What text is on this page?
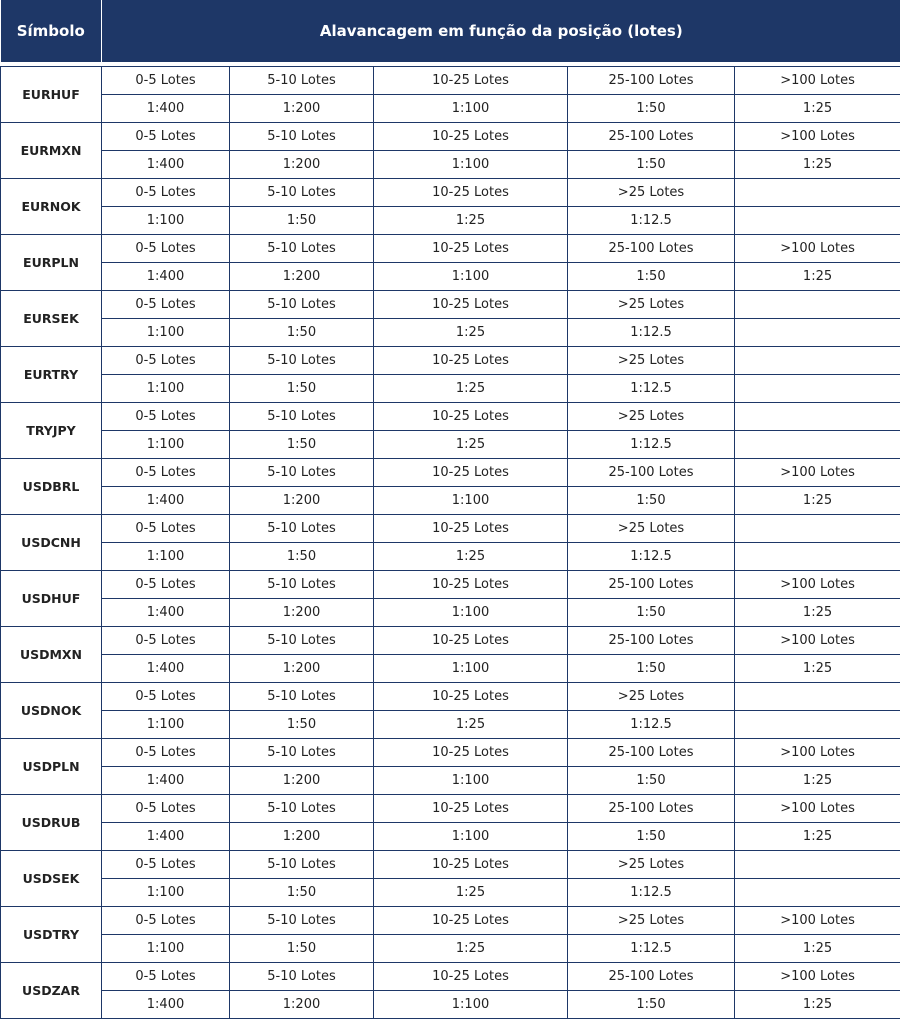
Símbolo	Alavancagem em função da posição (lotes)				

EURHUF	0-5 Lotes	5-10 Lotes	10-25 Lotes	25-100 Lotes	>100 Lotes
	1:400	1:200	1:100	1:50	1:25
EURMXN	0-5 Lotes	5-10 Lotes	10-25 Lotes	25-100 Lotes	>100 Lotes
	1:400	1:200	1:100	1:50	1:25
EURNOK	0-5 Lotes	5-10 Lotes	10-25 Lotes	>25 Lotes	
	1:100	1:50	1:25	1:12.5	
EURPLN	0-5 Lotes	5-10 Lotes	10-25 Lotes	25-100 Lotes	>100 Lotes
	1:400	1:200	1:100	1:50	1:25
EURSEK	0-5 Lotes	5-10 Lotes	10-25 Lotes	>25 Lotes	
	1:100	1:50	1:25	1:12.5	
EURTRY	0-5 Lotes	5-10 Lotes	10-25 Lotes	>25 Lotes	
	1:100	1:50	1:25	1:12.5	
TRYJPY	0-5 Lotes	5-10 Lotes	10-25 Lotes	>25 Lotes	
	1:100	1:50	1:25	1:12.5	
USDBRL	0-5 Lotes	5-10 Lotes	10-25 Lotes	25-100 Lotes	>100 Lotes
	1:400	1:200	1:100	1:50	1:25
USDCNH	0-5 Lotes	5-10 Lotes	10-25 Lotes	>25 Lotes	
	1:100	1:50	1:25	1:12.5	
USDHUF	0-5 Lotes	5-10 Lotes	10-25 Lotes	25-100 Lotes	>100 Lotes
	1:400	1:200	1:100	1:50	1:25
USDMXN	0-5 Lotes	5-10 Lotes	10-25 Lotes	25-100 Lotes	>100 Lotes
	1:400	1:200	1:100	1:50	1:25
USDNOK	0-5 Lotes	5-10 Lotes	10-25 Lotes	>25 Lotes	
	1:100	1:50	1:25	1:12.5	
USDPLN	0-5 Lotes	5-10 Lotes	10-25 Lotes	25-100 Lotes	>100 Lotes
	1:400	1:200	1:100	1:50	1:25
USDRUB	0-5 Lotes	5-10 Lotes	10-25 Lotes	25-100 Lotes	>100 Lotes
	1:400	1:200	1:100	1:50	1:25
USDSEK	0-5 Lotes	5-10 Lotes	10-25 Lotes	>25 Lotes	
	1:100	1:50	1:25	1:12.5	
USDTRY	0-5 Lotes	5-10 Lotes	10-25 Lotes	>25 Lotes	>100 Lotes
	1:100	1:50	1:25	1:12.5	1:25
USDZAR	0-5 Lotes	5-10 Lotes	10-25 Lotes	25-100 Lotes	>100 Lotes
	1:400	1:200	1:100	1:50	1:25
